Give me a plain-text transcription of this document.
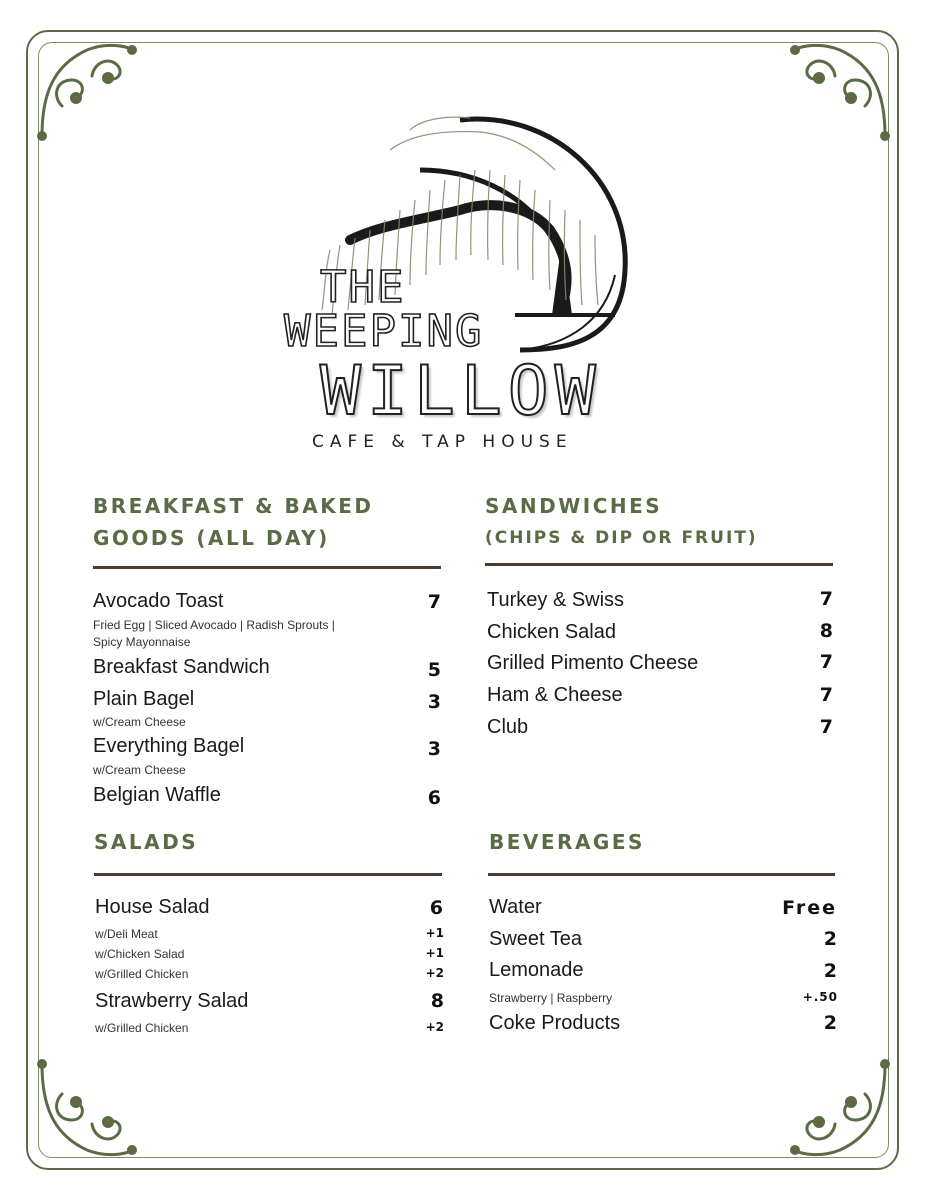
THE
WEEPING
WILLOW
CAFE & TAP HOUSE
BREAKFAST & BAKED
GOODS (ALL DAY)
Avocado Toast	7
Fried Egg | Sliced Avocado | Radish Sprouts |
Spicy Mayonnaise
Breakfast Sandwich	5
Plain Bagel	3
w/Cream Cheese
Everything Bagel	3
w/Cream Cheese
Belgian Waffle	6
SANDWICHES
(CHIPS & DIP OR FRUIT)
Turkey & Swiss	7
Chicken Salad	8
Grilled Pimento Cheese	7
Ham & Cheese	7
Club	7
SALADS
House Salad	6
w/Deli Meat	+1
w/Chicken Salad	+1
w/Grilled Chicken	+2
Strawberry Salad	8
w/Grilled Chicken	+2
BEVERAGES
Water	Free
Sweet Tea	2
Lemonade	2
Strawberry | Raspberry	+.50
Coke Products	2
